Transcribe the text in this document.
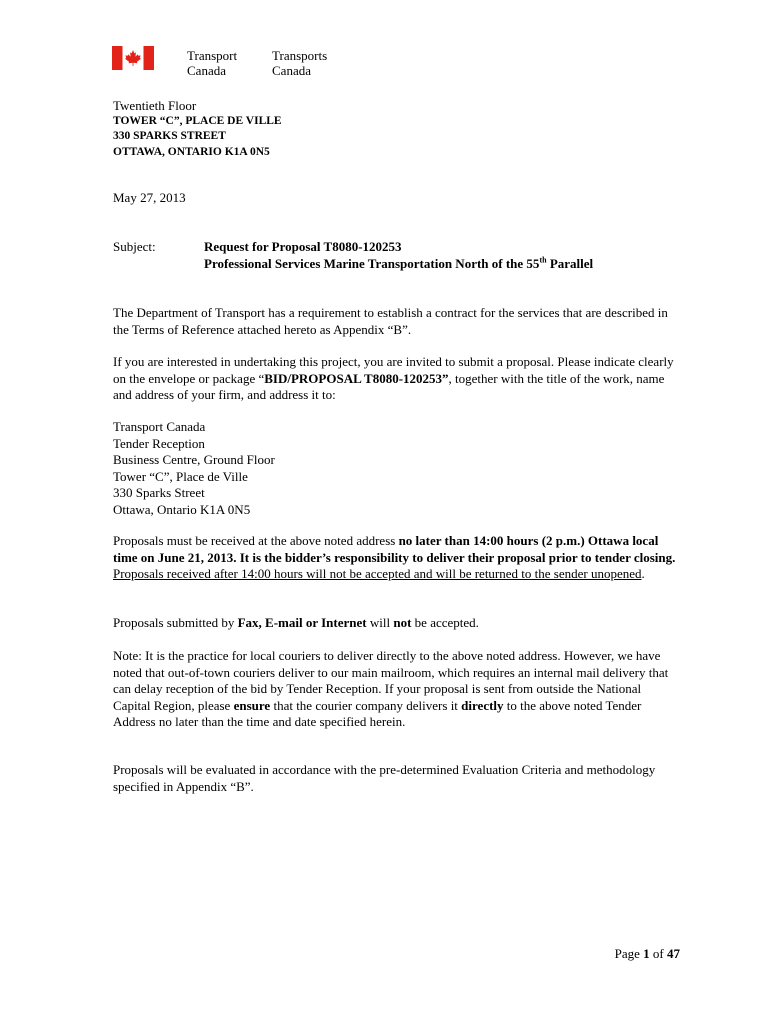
Transport
Canada
Transports
Canada
Twentieth Floor
TOWER “C”, PLACE DE VILLE
330 SPARKS STREET
OTTAWA, ONTARIO K1A 0N5
May 27, 2013
Subject:	Request for Proposal T8080-120253
Professional Services Marine Transportation North of the 55th Parallel

The Department of Transport has a requirement to establish a contract for the services that are described in the Terms of Reference attached hereto as Appendix “B”.

If you are interested in undertaking this project, you are invited to submit a proposal. Please indicate clearly on the envelope or package “BID/PROPOSAL T8080-120253”, together with the title of the work, name and address of your firm, and address it to:

Transport Canada
Tender Reception
Business Centre, Ground Floor
Tower “C”, Place de Ville
330 Sparks Street
Ottawa, Ontario K1A 0N5

Proposals must be received at the above noted address no later than 14:00 hours (2 p.m.) Ottawa local time on June 21, 2013. It is the bidder’s responsibility to deliver their proposal prior to tender closing. Proposals received after 14:00 hours will not be accepted and will be returned to the sender unopened.

Proposals submitted by Fax, E-mail or Internet will not be accepted.

Note: It is the practice for local couriers to deliver directly to the above noted address. However, we have noted that out-of-town couriers deliver to our main mailroom, which requires an internal mail delivery that can delay reception of the bid by Tender Reception. If your proposal is sent from outside the National Capital Region, please ensure that the courier company delivers it directly to the above noted Tender Address no later than the time and date specified herein.

Proposals will be evaluated in accordance with the pre-determined Evaluation Criteria and methodology specified in Appendix “B”.

Page 1 of 47
